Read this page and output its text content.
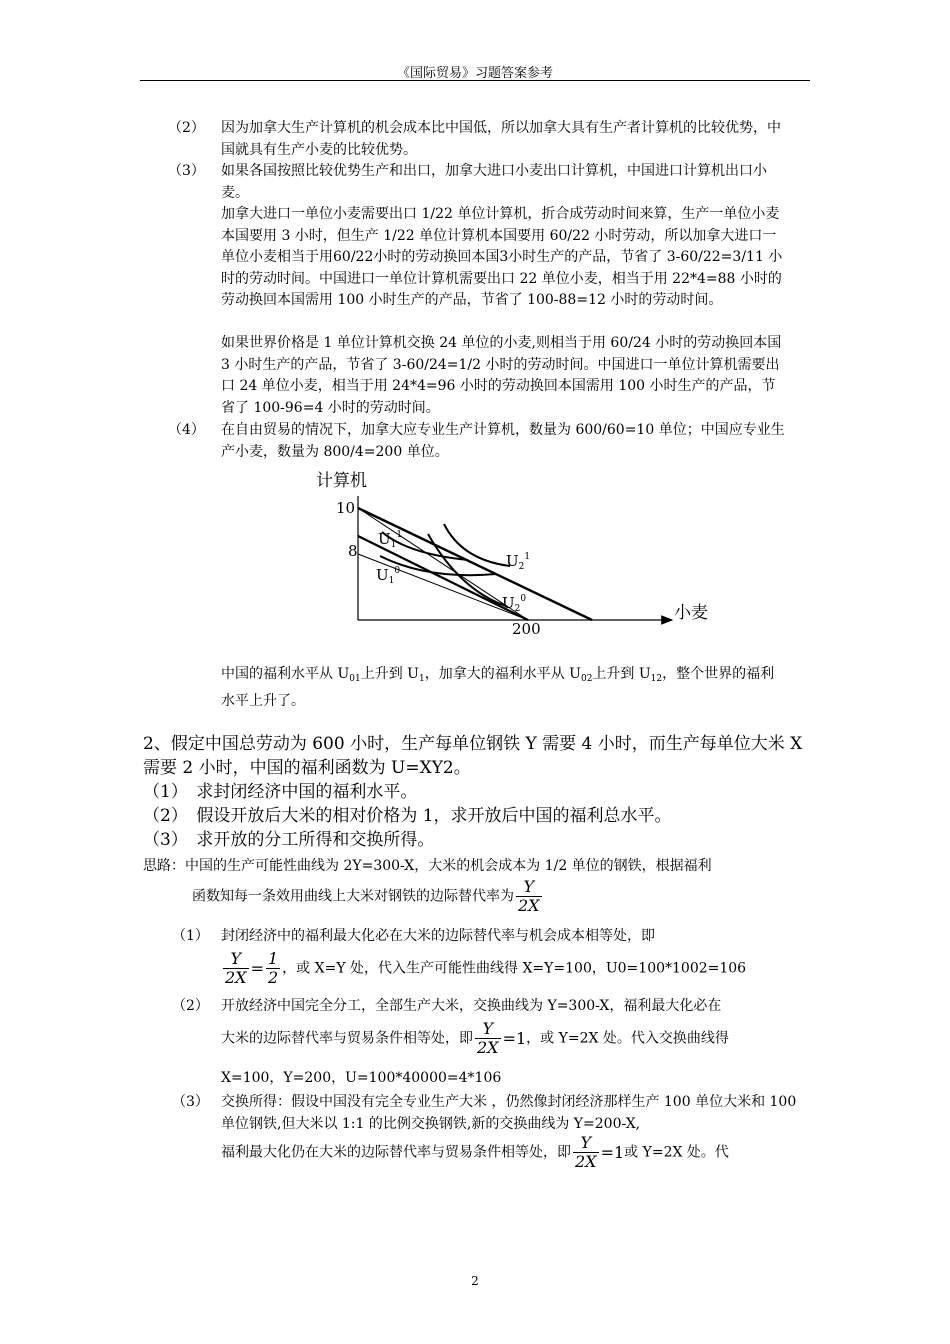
《国际贸易》习题答案参考
（2） 因为加拿大生产计算机的机会成本比中国低，所以加拿大具有生产者计算机的比较优势，中国就具有生产小麦的比较优势。
（3） 如果各国按照比较优势生产和出口，加拿大进口小麦出口计算机，中国进口计算机出口小麦。
加拿大进口一单位小麦需要出口 1/22 单位计算机，折合成劳动时间来算，生产一单位小麦本国要用 3 小时，但生产 1/22 单位计算机本国要用 60/22 小时劳动，所以加拿大进口一单位小麦相当于用60/22小时的劳动换回本国3小时生产的产品，节省了 3-60/22=3/11 小时的劳动时间。中国进口一单位计算机需要出口 22 单位小麦，相当于用 22*4=88 小时的劳动换回本国需用 100 小时生产的产品，节省了 100-88=12 小时的劳动时间。
如果世界价格是 1 单位计算机交换 24 单位的小麦,则相当于用 60/24 小时的劳动换回本国 3 小时生产的产品，节省了 3-60/24=1/2 小时的劳动时间。中国进口一单位计算机需要出口 24 单位小麦，相当于用 24*4=96 小时的劳动换回本国需用 100 小时生产的产品，节省了 100-96=4 小时的劳动时间。
（4） 在自由贸易的情况下，加拿大应专业生产计算机，数量为 600/60=10 单位；中国应专业生产小麦，数量为 800/4=200 单位。
计算机
小麦
10
8
200
$U_1^1$
$U_1^0$
$U_2^1$
$U_2^0$
中国的福利水平从 $U_{01}$上升到 $U_1$，加拿大的福利水平从 $U_{02}$上升到 $U_{12}$，整个世界的福利水平上升了。
2、假定中国总劳动为 600 小时，生产每单位钢铁 Y 需要 4 小时，而生产每单位大米 X 需要 2 小时，中国的福利函数为 U=XY2。
（1）　求封闭经济中国的福利水平。
（2）　假设开放后大米的相对价格为 1，求开放后中国的福利总水平。
（3）　求开放的分工所得和交换所得。
思路：中国的生产可能性曲线为 2Y=300-X，大米的机会成本为 1/2 单位的钢铁，根据福利
函数知每一条效用曲线上大米对钢铁的边际替代率为 $\frac{Y}{2X}$
（1） 封闭经济中的福利最大化必在大米的边际替代率与机会成本相等处，即
$\frac{Y}{2X} = \frac{1}{2}$ ，或 X=Y 处，代入生产可能性曲线得 X=Y=100，U0=100*1002=106
（2） 开放经济中国完全分工，全部生产大米，交换曲线为 Y=300-X，福利最大化必在
大米的边际替代率与贸易条件相等处，即 $\frac{Y}{2X} =1$，或 Y=2X 处。代入交换曲线得
X=100，Y=200，U=100*40000=4*106
（3） 交换所得：假设中国没有完全专业生产大米 ，仍然像封闭经济那样生产 100 单位大米和 100 单位钢铁,但大米以 1:1 的比例交换钢铁,新的交换曲线为 Y=200-X,
福利最大化仍在大米的边际替代率与贸易条件相等处，即 $\frac{Y}{2X} =1$或 Y=2X 处。代
2
